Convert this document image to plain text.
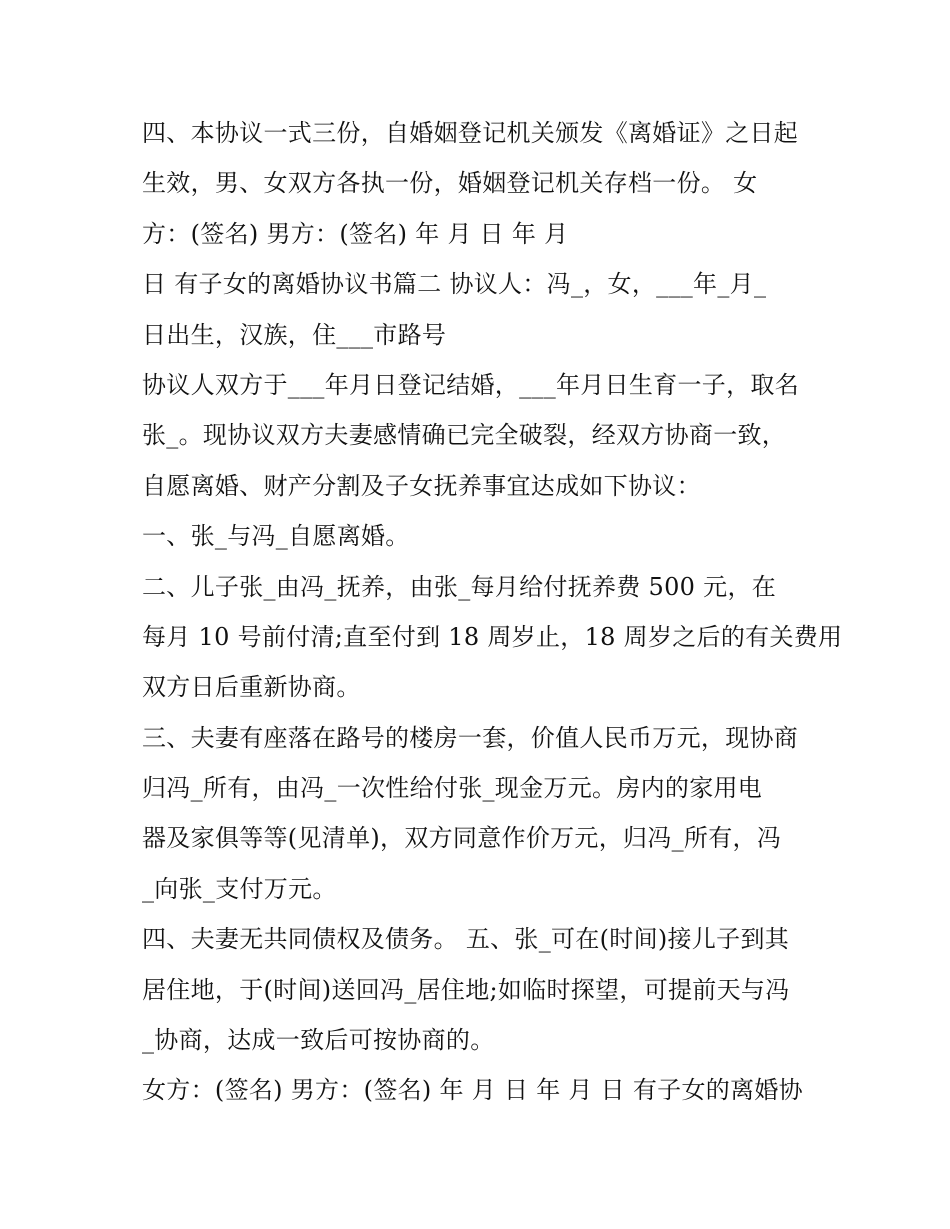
四、本协议一式三份，自婚姻登记机关颁发《离婚证》之日起
生效，男、女双方各执一份，婚姻登记机关存档一份。 女
方：(签名) 男方：(签名) 年 月 日 年 月
日 有子女的离婚协议书篇二 协议人：冯_，女，___年_月_
日出生，汉族，住___市路号
协议人双方于___年月日登记结婚，___年月日生育一子，取名
张_。现协议双方夫妻感情确已完全破裂，经双方协商一致，
自愿离婚、财产分割及子女抚养事宜达成如下协议：
一、张_与冯_自愿离婚。
二、儿子张_由冯_抚养，由张_每月给付抚养费 500 元，在
每月 10 号前付清;直至付到 18 周岁止，18 周岁之后的有关费用
双方日后重新协商。
三、夫妻有座落在路号的楼房一套，价值人民币万元，现协商
归冯_所有，由冯_一次性给付张_现金万元。房内的家用电
器及家俱等等(见清单)，双方同意作价万元，归冯_所有，冯
_向张_支付万元。
四、夫妻无共同债权及债务。 五、张_可在(时间)接儿子到其
居住地，于(时间)送回冯_居住地;如临时探望，可提前天与冯
_协商，达成一致后可按协商的。
女方：(签名) 男方：(签名) 年 月 日 年 月 日 有子女的离婚协
